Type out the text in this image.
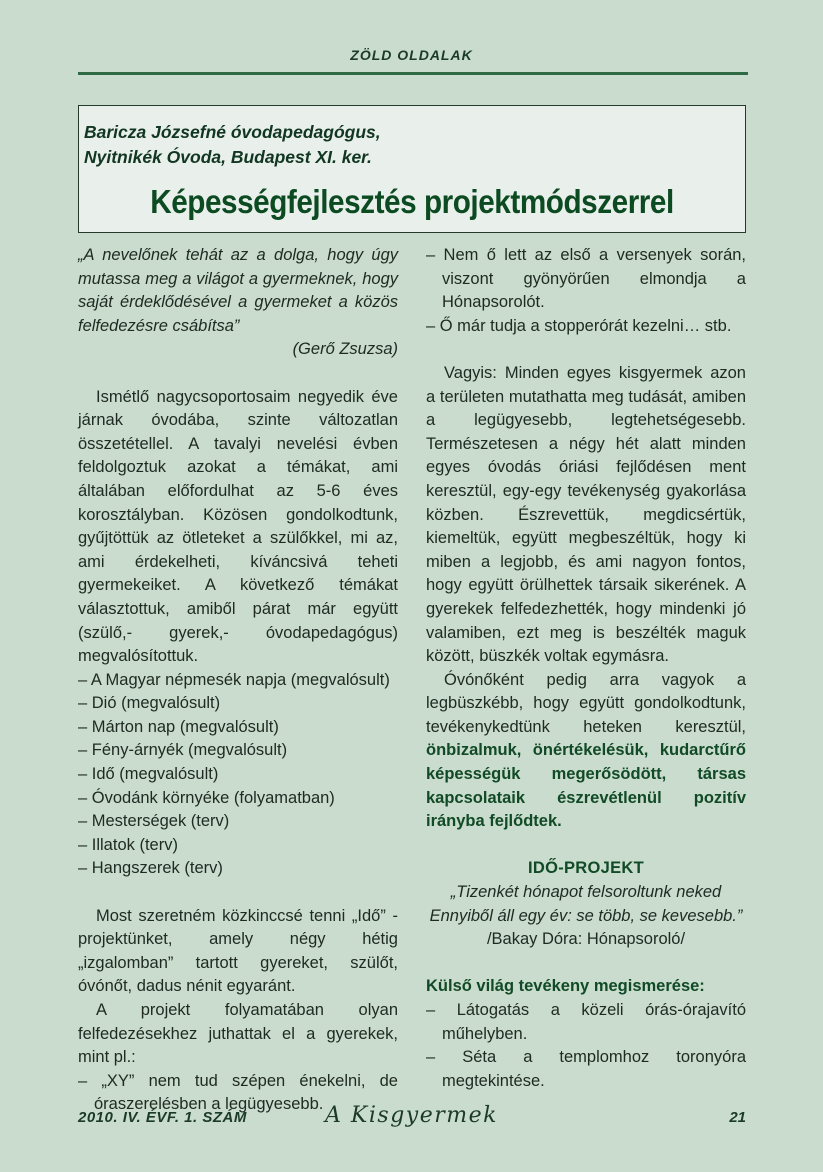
ZÖLD OLDALAK
Baricza Józsefné óvodapedagógus,
Nyitnikék Óvoda, Budapest XI. ker.
Képességfejlesztés projektmódszerrel

„A nevelőnek tehát az a dolga, hogy úgy mutassa meg a világot a gyermeknek, hogy saját érdeklődésével a gyermeket a közös felfedezésre csábítsa”

(Gerő Zsuzsa)

Ismétlő nagycsoportosaim negyedik éve járnak óvodába, szinte változatlan összetétellel. A tavalyi nevelési évben feldolgoztuk azokat a témákat, ami általában előfordulhat az 5-6 éves korosztályban. Közösen gondolkodtunk, gyűjtöttük az ötleteket a szülőkkel, mi az, ami érdekelheti, kíváncsivá teheti gyermekeiket. A következő témákat választottuk, amiből párat már együtt (szülő,- gyerek,- óvodapedagógus) megvalósítottuk.

– A Magyar népmesék napja (megvalósult)
– Dió (megvalósult)
– Márton nap (megvalósult)
– Fény-árnyék (megvalósult)
– Idő (megvalósult)
– Óvodánk környéke (folyamatban)
– Mesterségek (terv)
– Illatok (terv)
– Hangszerek (terv)

Most szeretném közkinccsé tenni „Idő” - projektünket, amely négy hétig „izgalomban” tartott gyereket, szülőt, óvónőt, dadus nénit egyaránt.

A projekt folyamatában olyan felfedezésekhez juthattak el a gyerekek, mint pl.:

– „XY” nem tud szépen énekelni, de óraszerelésben a legügyesebb.
– Nem ő lett az első a versenyek során, viszont gyönyörűen elmondja a Hónapsorolót.
– Ő már tudja a stopperórát kezelni… stb.

Vagyis: Minden egyes kisgyermek azon a területen mutathatta meg tudását, amiben a legügyesebb, legtehetségesebb. Természetesen a négy hét alatt minden egyes óvodás óriási fejlődésen ment keresztül, egy-egy tevékenység gyakorlása közben. Észrevettük, megdicsértük, kiemeltük, együtt megbeszéltük, hogy ki miben a legjobb, és ami nagyon fontos, hogy együtt örülhettek társaik sikerének. A gyerekek felfedezhették, hogy mindenki jó valamiben, ezt meg is beszélték maguk között, büszkék voltak egymásra.

Óvónőként pedig arra vagyok a legbüszkébb, hogy együtt gondolkodtunk, tevékenykedtünk heteken keresztül, önbizalmuk, önértékelésük, kudarctűrő képességük megerősödött, társas kapcsolataik észrevétlenül pozitív irányba fejlődtek.

IDŐ-PROJEKT

„Tizenkét hónapot felsoroltunk neked

Ennyiből áll egy év: se több, se kevesebb.”

/Bakay Dóra: Hónapsoroló/

Külső világ tevékeny megismerése:

– Látogatás a közeli órás-órajavító műhelyben.
– Séta a templomhoz toronyóra megtekintése.
2010. IV. ÉVF. 1. SZÁM	A Kisgyermek	21
